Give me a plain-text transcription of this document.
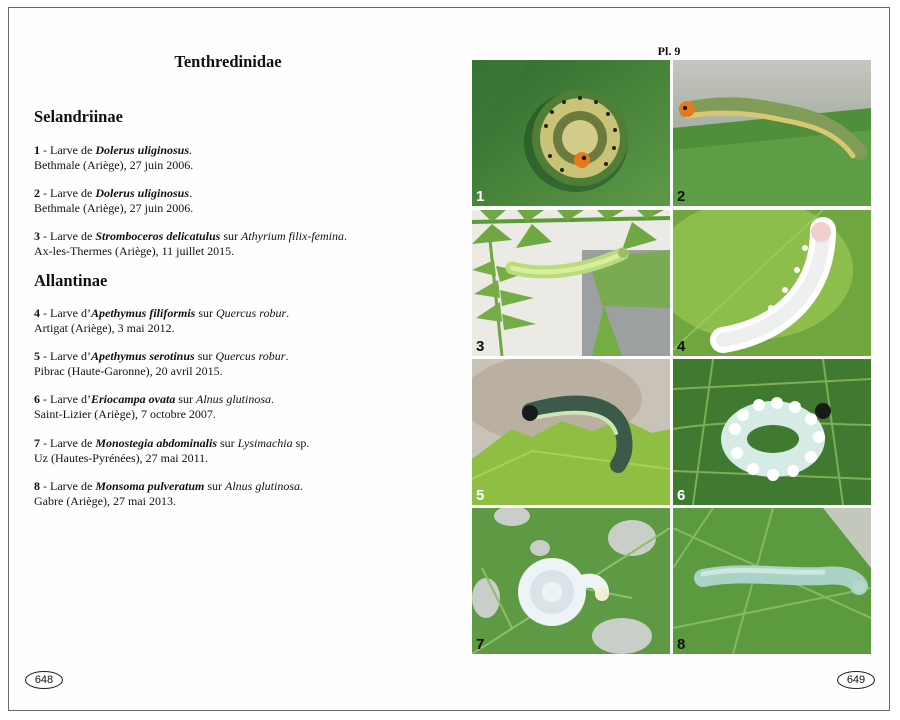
Tenthredinidae
Selandriinae
1 - Larve de Dolerus uliginosus.
Bethmale (Ariège), 27 juin 2006.
2 - Larve de Dolerus uliginosus.
Bethmale (Ariège), 27 juin 2006.
3 - Larve de Stromboceros delicatulus sur Athyrium filix-femina.
Ax-les-Thermes (Ariège), 11 juillet 2015.
Allantinae
4 - Larve d’Apethymus filiformis sur Quercus robur.
Artigat (Ariège), 3 mai 2012.
5 - Larve d’Apethymus serotinus sur Quercus robur.
Pibrac (Haute-Garonne), 20 avril 2015.
6 - Larve d’Eriocampa ovata sur Alnus glutinosa.
Saint-Lizier (Ariège), 7 octobre 2007.
7 - Larve de Monostegia abdominalis sur Lysimachia sp.
Uz (Hautes-Pyrénées), 27 mai 2011.
8 - Larve de Monsoma pulveratum sur Alnus glutinosa.
Gabre (Ariège), 27 mai 2013.
648
Pl. 9
1	2
3	4
5	6
7	8
649
